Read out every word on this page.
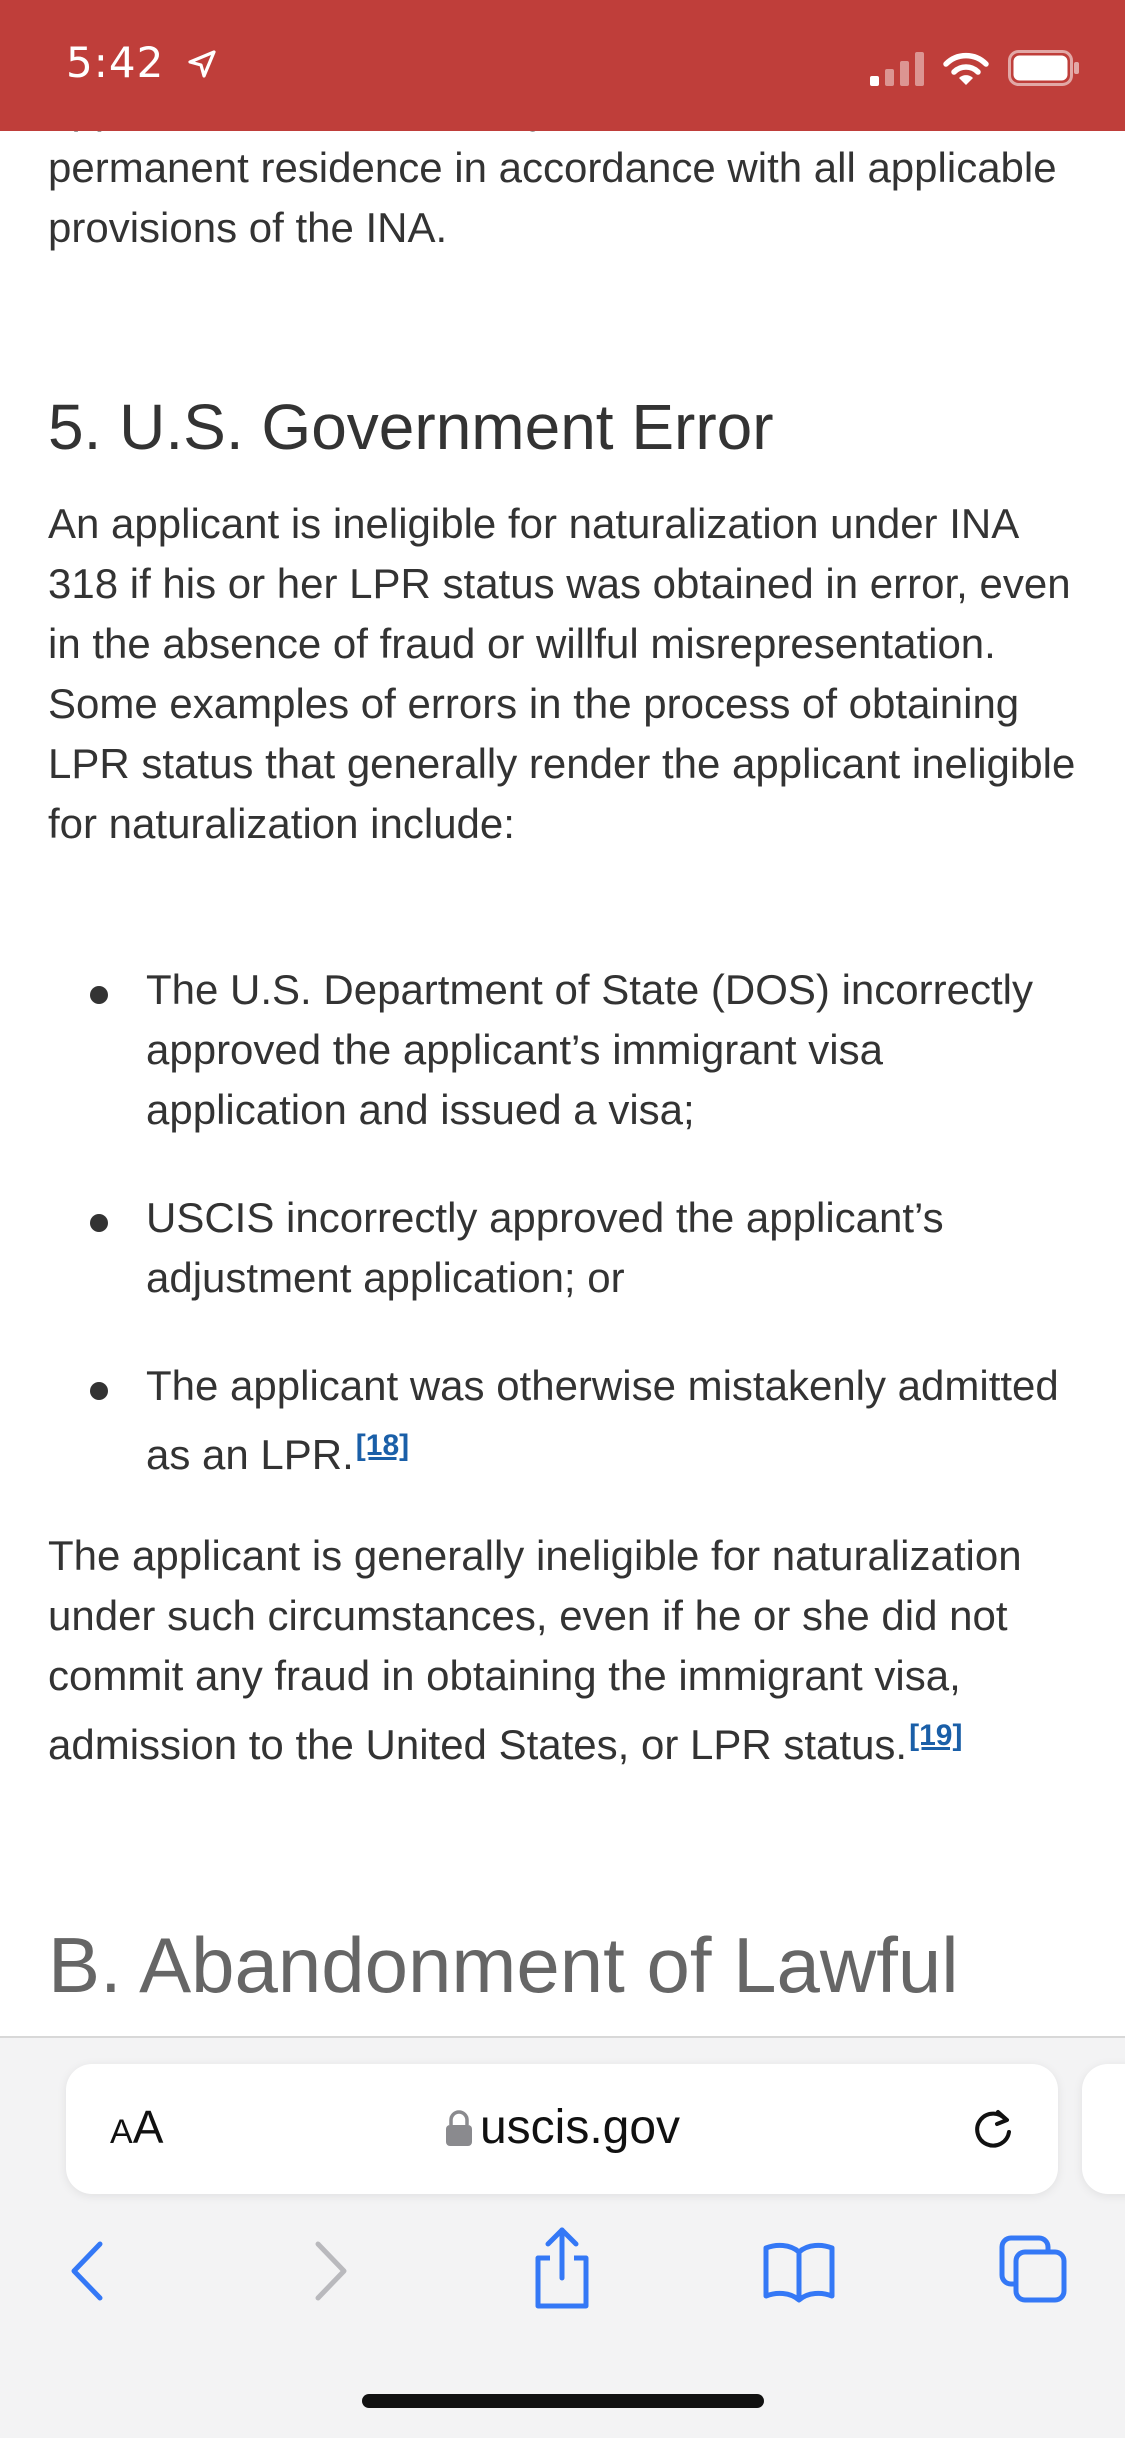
permanent residence in accordance with all applicable provisions of the INA.

5. U.S. Government Error

An applicant is ineligible for naturalization under INA 318 if his or her LPR status was obtained in error, even in the absence of fraud or willful misrepresentation. Some examples of errors in the process of obtaining LPR status that generally render the applicant ineligible for naturalization include:

The U.S. Department of State (DOS) incorrectly approved the applicant’s immigrant visa application and issued a visa;
USCIS incorrectly approved the applicant’s adjustment application; or
The applicant was otherwise mistakenly admitted as an LPR.[18]

The applicant is generally ineligible for naturalization under such circumstances, even if he or she did not commit any fraud in obtaining the immigrant visa, admission to the United States, or LPR status.[19]

B. Abandonment of Lawful
5:42
AA	uscis.gov
